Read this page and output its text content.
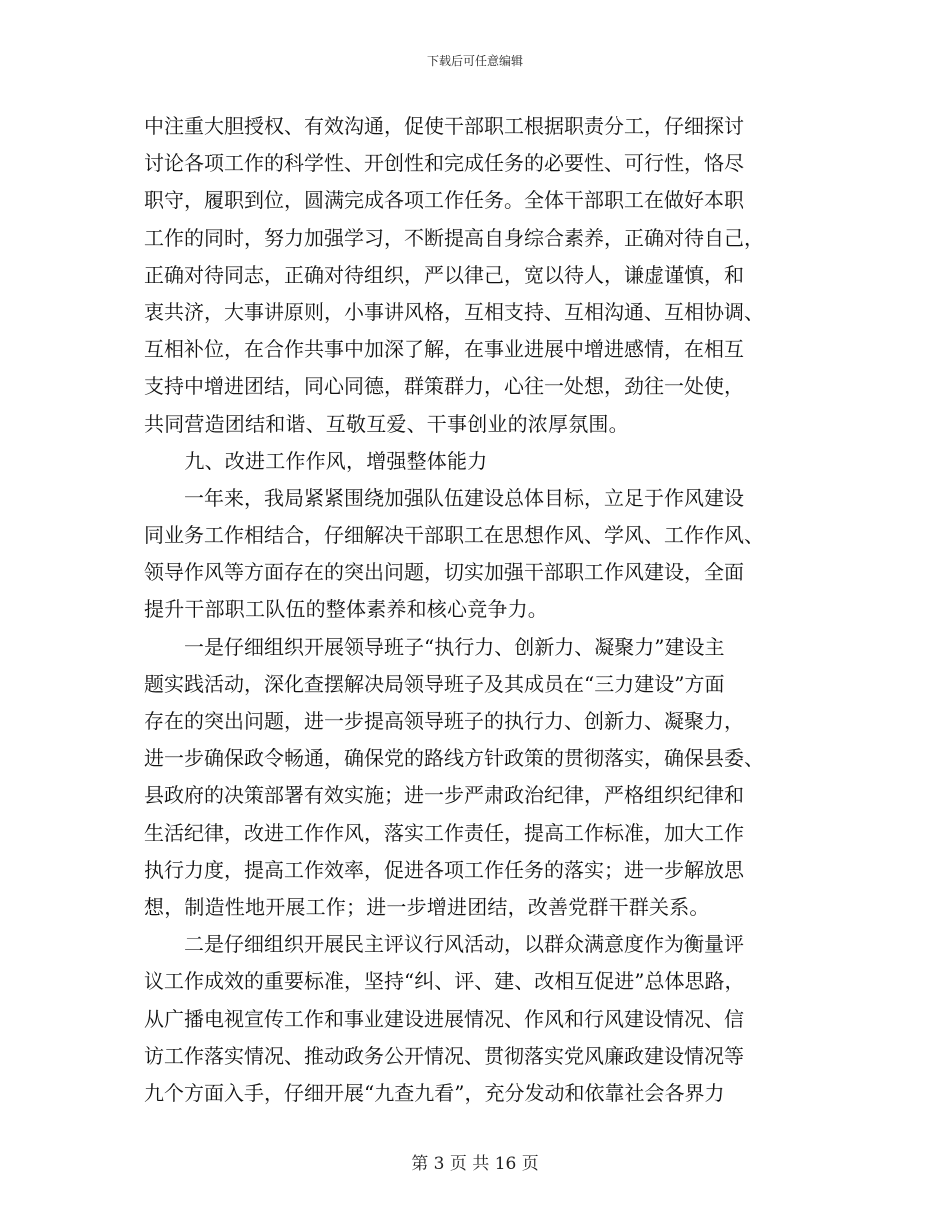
下载后可任意编辑
中注重大胆授权、有效沟通，促使干部职工根据职责分工，仔细探讨
讨论各项工作的科学性、开创性和完成任务的必要性、可行性，恪尽
职守，履职到位，圆满完成各项工作任务。全体干部职工在做好本职
工作的同时，努力加强学习，不断提高自身综合素养，正确对待自己，
正确对待同志，正确对待组织，严以律己，宽以待人，谦虚谨慎，和
衷共济，大事讲原则，小事讲风格，互相支持、互相沟通、互相协调、
互相补位，在合作共事中加深了解，在事业进展中增进感情，在相互
支持中增进团结，同心同德，群策群力，心往一处想，劲往一处使，
共同营造团结和谐、互敬互爱、干事创业的浓厚氛围。
　　九、改进工作作风，增强整体能力
　　一年来，我局紧紧围绕加强队伍建设总体目标，立足于作风建设
同业务工作相结合，仔细解决干部职工在思想作风、学风、工作作风、
领导作风等方面存在的突出问题，切实加强干部职工作风建设，全面
提升干部职工队伍的整体素养和核心竞争力。
　　一是仔细组织开展领导班子“执行力、创新力、凝聚力”建设主
题实践活动，深化查摆解决局领导班子及其成员在“三力建设”方面
存在的突出问题，进一步提高领导班子的执行力、创新力、凝聚力，
进一步确保政令畅通，确保党的路线方针政策的贯彻落实，确保县委、
县政府的决策部署有效实施；进一步严肃政治纪律，严格组织纪律和
生活纪律，改进工作作风，落实工作责任，提高工作标准，加大工作
执行力度，提高工作效率，促进各项工作任务的落实；进一步解放思
想，制造性地开展工作；进一步增进团结，改善党群干群关系。
　　二是仔细组织开展民主评议行风活动，以群众满意度作为衡量评
议工作成效的重要标准，坚持“纠、评、建、改相互促进”总体思路，
从广播电视宣传工作和事业建设进展情况、作风和行风建设情况、信
访工作落实情况、推动政务公开情况、贯彻落实党风廉政建设情况等
九个方面入手，仔细开展“九查九看”，充分发动和依靠社会各界力
第 3 页 共 16 页
